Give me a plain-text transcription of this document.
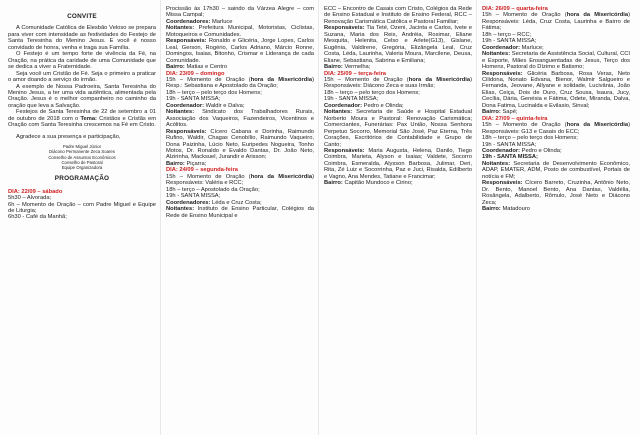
CONVITE

A Comunidade Católica de Elesbão Veloso se prepara para viver com intensidade as festividades do Festejo de Santa Teresinha do Menino Jesus. E você é nosso convidado de honra, venha e traga sua Família.

O Festejo é um tempo forte de vivência da Fé, na Oração, na prática da caridade de uma Comunidade que se dedica a viver a Fraternidade.

Seja você um Cristão de Fé. Seja o primeiro a praticar o amor doando a serviço do irmão.

A exemplo de Nossa Padroeira, Santa Teresinha do Menino Jesus, a ter uma vida autêntica, alimentada pela Oração. Jesus é o melhor companheiro no caminho da oração que leva a Salvação.

Festejos de Santa Teresinha de 22 de setembro a 01 de outubro de 2018 com o Tema: Cristãos e Cristãs em Oração com Santa Teresinha crescemos na Fé em Cristo.

Agradece a sua presença e participação,

Padre Miguel Júnior
Diácono Permanente Zeca Soares
Conselho de Assuntos Econômicos
Conselho de Pastoral
Equipe Organizadora
PROGRAMAÇÃO

DIA: 22/09 – sábado

5h30 – Alvorada;

6h – Momento de Oração – com Padre Miguel e Equipe de Liturgia;

6h30 - Café da Manhã;

Procissão às 17h30 – saindo da Várzea Alegre – com Missa Campal;

Coordenadores: Marluce

Noitantes: Prefeitura Municipal, Motoristas, Ciclistas, Motoqueiros e Comunidades.

Responsáveis: Ronaldo e Glicéria, Jorge Lopes, Carlos Leal, Gerson, Rogério, Carlos Adriano, Márcio Ronne, Domingos, Isaias, Bitonho, Crismar e Liderança de cada Comunidade.

Bairro: Matias e Centro

DIA: 23/09 – domingo

15h – Momento de Oração (hora da Misericórdia) Resp.: Sebastiana e Apostolado da Oração;

18h – terço – pelo terço dos Homens;

19h - SANTA MISSA;

Coordenador: Waldir e Dalva;

Noitantes: Sindicato dos Trabalhadores Rurais, Associação dos Vaqueiros, Fazendeiros, Vicentinos e Acólitos.

Responsáveis: Cícero Cabana e Dorinha, Raimundo Rufino, Waldir, Chagas Cenobílio, Raimundo Vaqueiro, Dona Paizinha, Lúcio Neto, Euripedes Nogueira, Tonho Motos, Dr. Ronaldo e Evaldo Dantas, Dr. João Neto, Alzirinha, Macksuel, Jurandir e Arisson;

Bairro: Piçarra;

DIA: 24/09 – segunda-feira

15h – Momento de Oração (hora da Misericórdia) Responsáveis: Valéria e RCC;

18h – terço – Apostolado da Oração;

19h - SANTA MISSA;

Coordenadores: Léda e Cruz Costa;

Noitantes: Instituto de Ensino Particular, Colégios da Rede de Ensino Municipal e

ECC – Encontro de Casais com Cristo, Colégios da Rede de Ensino Estadual e Instituto de Ensino Federal, RCC – Renovação Carismática Católica e Pastoral Familiar;

Responsáveis: Tia Teté, Ozeni, Jacinta e Carlos, Ivete e Suzana, Maria dos Reis, Andréia, Rosimar, Eliane Mesquita, Helenita, Celso e Arlete(G13), Gislane, Eugênia, Valdirene, Gregória, Elizângela Leal, Cruz Costa, Léda, Laurinha, Valeria Moura, Marcilene, Deusa, Eliane, Sebastiana, Sabrina e Emiliana;

Bairro: Vermelha;

DIA: 25/09 – terça-feira

15h – Momento de Oração (hora da Misericórdia) Responsáveis: Diácono Zeca e suas Irmãs;

18h – terço – pelo terço dos Homens;

19h - SANTA MISSA;

Coordenador: Pedro e Olinda;

Noitantes: Secretaria de Saúde e Hospital Estadual Norberto Moura e Pastoral: Renovação Carismática; Comerciantes, Funerárias: Pax União, Nossa Senhora Perpetuo Socorro, Memorial São José, Paz Eterna, Três Corações, Escritórios de Contabilidade e Grupo de Canto;

Responsáveis: Maria Augusta, Helena, Danilo, Tiego Coimbra, Marieta, Alyson e Isaias; Valdete, Socorro Coimbra, Esmeralda, Alysson Barbosa, Julimar, Deri, Rita, Zé Luiz e Socorrinha, Paz e Juci, Risalda, Edilberto e Vagno, Ana Mendes, Tatiane e Francimar;

Bairro: Capitão Mundoco e Cirino;

DIA: 26/09 – quarta-feira

15h – Momento de Oração (hora da Misericórdia) Responsáveis: Léda, Cruz Costa, Laurinha e Bairro de Fátima;

18h – terço – RCC;

19h - SANTA MISSA;

Coordenador: Marluce;

Noitantes: Secretaria de Assistência Social, Cultural, CCI e Esporte, Mães Ensanguentadas de Jesus, Terço dos Homens, Pastoral do Dízimo e Batismo;

Responsáveis: Glicéria Barbosa, Rosa Veras, Neto Cilidona, Nonato Edvana, Bienor, Walmir Salgueiro e Fernanda, Jeovane, Allyane e solidade, Lucivânia, João Elias, Ceiça, Dois de Ouro, Cruz Sousa, Isaura, Jucy, Cecília, Dária, Genésia e Fátima, Odete, Miranda, Dalva, Dona Fatima, Lucinalda e Evilasio, Sinval;

Bairro: Sapé;

DIA: 27/09 – quinta-feira

15h – Momento de Oração (hora da Misericórdia) Responsáveis: G13 e Casais do ECC;

18h – terço – pelo terço dos Homens;

19h - SANTA MISSA;

Coordenador: Pedro e Olinda;

19h - SANTA MISSA;

Noitantes: Secretaria de Desenvolvimento Econômico, ADAP, EMATER, ADM, Posto de combustível, Portais de notícia e FM;

Responsáveis: Cícero Barreto, Cruzinha, Antônio Neto, Dr. Bento, Manoel Bento, Ana Dantas, Valdélia, Rosângela, Adalberto, Rômulo, José Neto e Diácono Zeca;

Bairro: Matadouro
